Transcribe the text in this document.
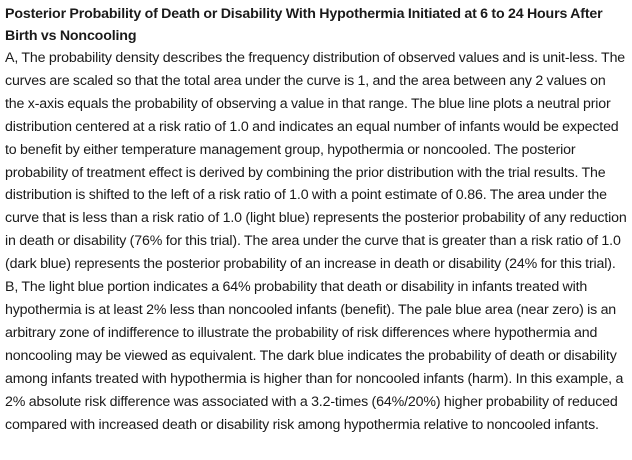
Posterior Probability of Death or Disability With Hypothermia Initiated at 6 to 24 Hours After Birth vs Noncooling

A, The probability density describes the frequency distribution of observed values and is unit-less. The curves are scaled so that the total area under the curve is 1, and the area between any 2 values on the x-axis equals the probability of observing a value in that range. The blue line plots a neutral prior distribution centered at a risk ratio of 1.0 and indicates an equal number of infants would be expected to benefit by either temperature management group, hypothermia or noncooled. The posterior probability of treatment effect is derived by combining the prior distribution with the trial results. The distribution is shifted to the left of a risk ratio of 1.0 with a point estimate of 0.86. The area under the curve that is less than a risk ratio of 1.0 (light blue) represents the posterior probability of any reduction in death or disability (76% for this trial). The area under the curve that is greater than a risk ratio of 1.0 (dark blue) represents the posterior probability of an increase in death or disability (24% for this trial). B, The light blue portion indicates a 64% probability that death or disability in infants treated with hypothermia is at least 2% less than noncooled infants (benefit). The pale blue area (near zero) is an arbitrary zone of indifference to illustrate the probability of risk differences where hypothermia and noncooling may be viewed as equivalent. The dark blue indicates the probability of death or disability among infants treated with hypothermia is higher than for noncooled infants (harm). In this example, a 2% absolute risk difference was associated with a 3.2-times (64%/20%) higher probability of reduced compared with increased death or disability risk among hypothermia relative to noncooled infants.
